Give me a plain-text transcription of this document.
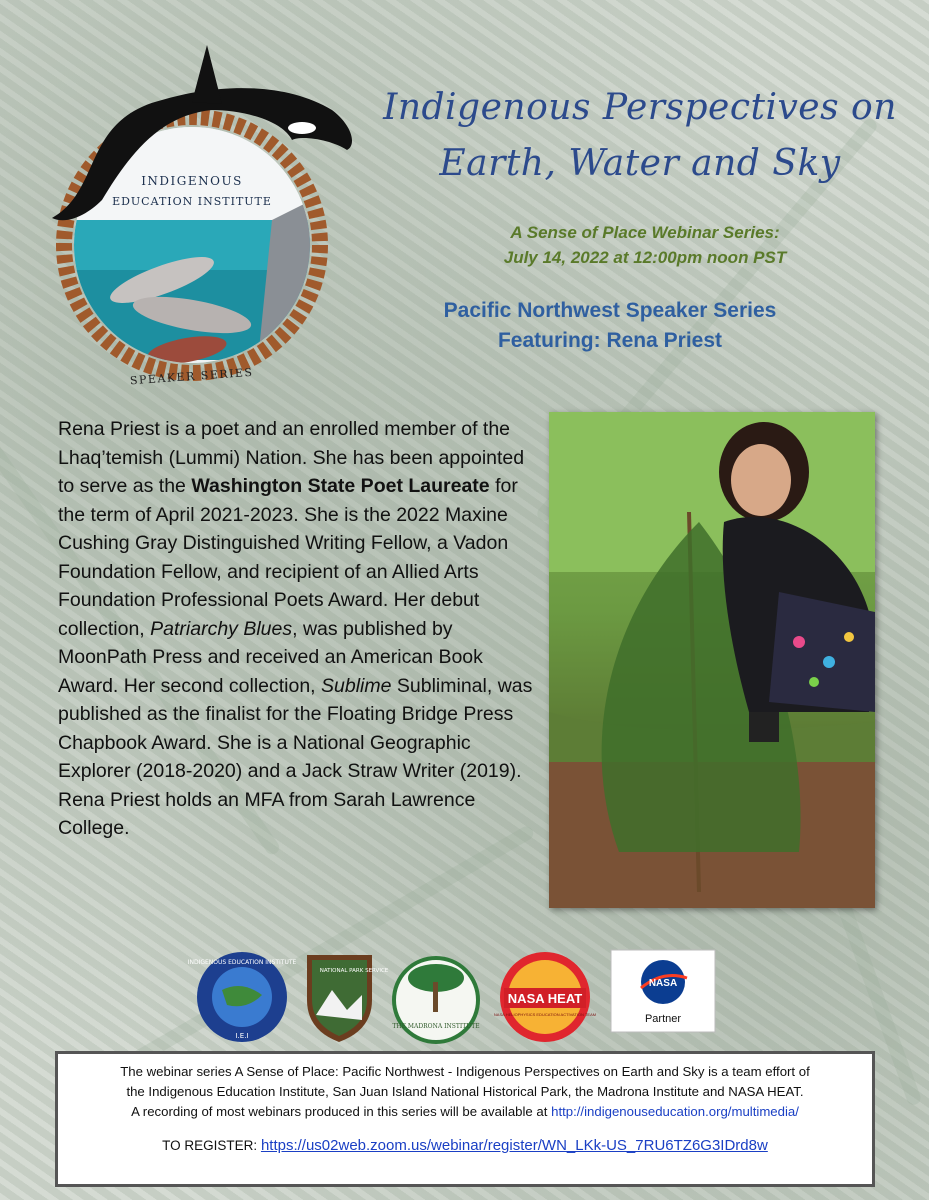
INDIGENOUS
EDUCATION INSTITUTE
SPEAKER SERIES
Indigenous Perspectives on
Earth, Water and Sky
A Sense of Place Webinar Series:
July 14, 2022 at 12:00pm noon PST
Pacific Northwest Speaker Series
Featuring: Rena Priest
Rena Priest is a poet and an enrolled member of the Lhaq’temish (Lummi) Nation. She has been appointed to serve as the Washington State Poet Laureate for the term of April 2021-2023. She is the 2022 Maxine Cushing Gray Distinguished Writing Fellow, a Vadon Foundation Fellow, and recipient of an Allied Arts Foundation Professional Poets Award. Her debut collection, Patriarchy Blues, was published by MoonPath Press and received an American Book Award. Her second collection, Sublime Subliminal, was published as the finalist for the Floating Bridge Press Chapbook Award. She is a National Geographic Explorer (2018-2020) and a Jack Straw Writer (2019). Rena Priest holds an MFA from Sarah Lawrence College.
INDIGENOUS EDUCATION INSTITUTE
I.E.I
NATIONAL PARK SERVICE
THE MADRONA INSTITUTE
NASA HEAT
NASA HELIOPHYSICS EDUCATION ACTIVATION TEAM
NASA
Partner
The webinar series A Sense of Place: Pacific Northwest - Indigenous Perspectives on Earth and Sky is a team effort of
the Indigenous Education Institute, San Juan Island National Historical Park, the Madrona Institute and NASA HEAT.
A recording of most webinars produced in this series will be available at http://indigenouseducation.org/multimedia/
TO REGISTER: https://us02web.zoom.us/webinar/register/WN_LKk-US_7RU6TZ6G3IDrd8w
